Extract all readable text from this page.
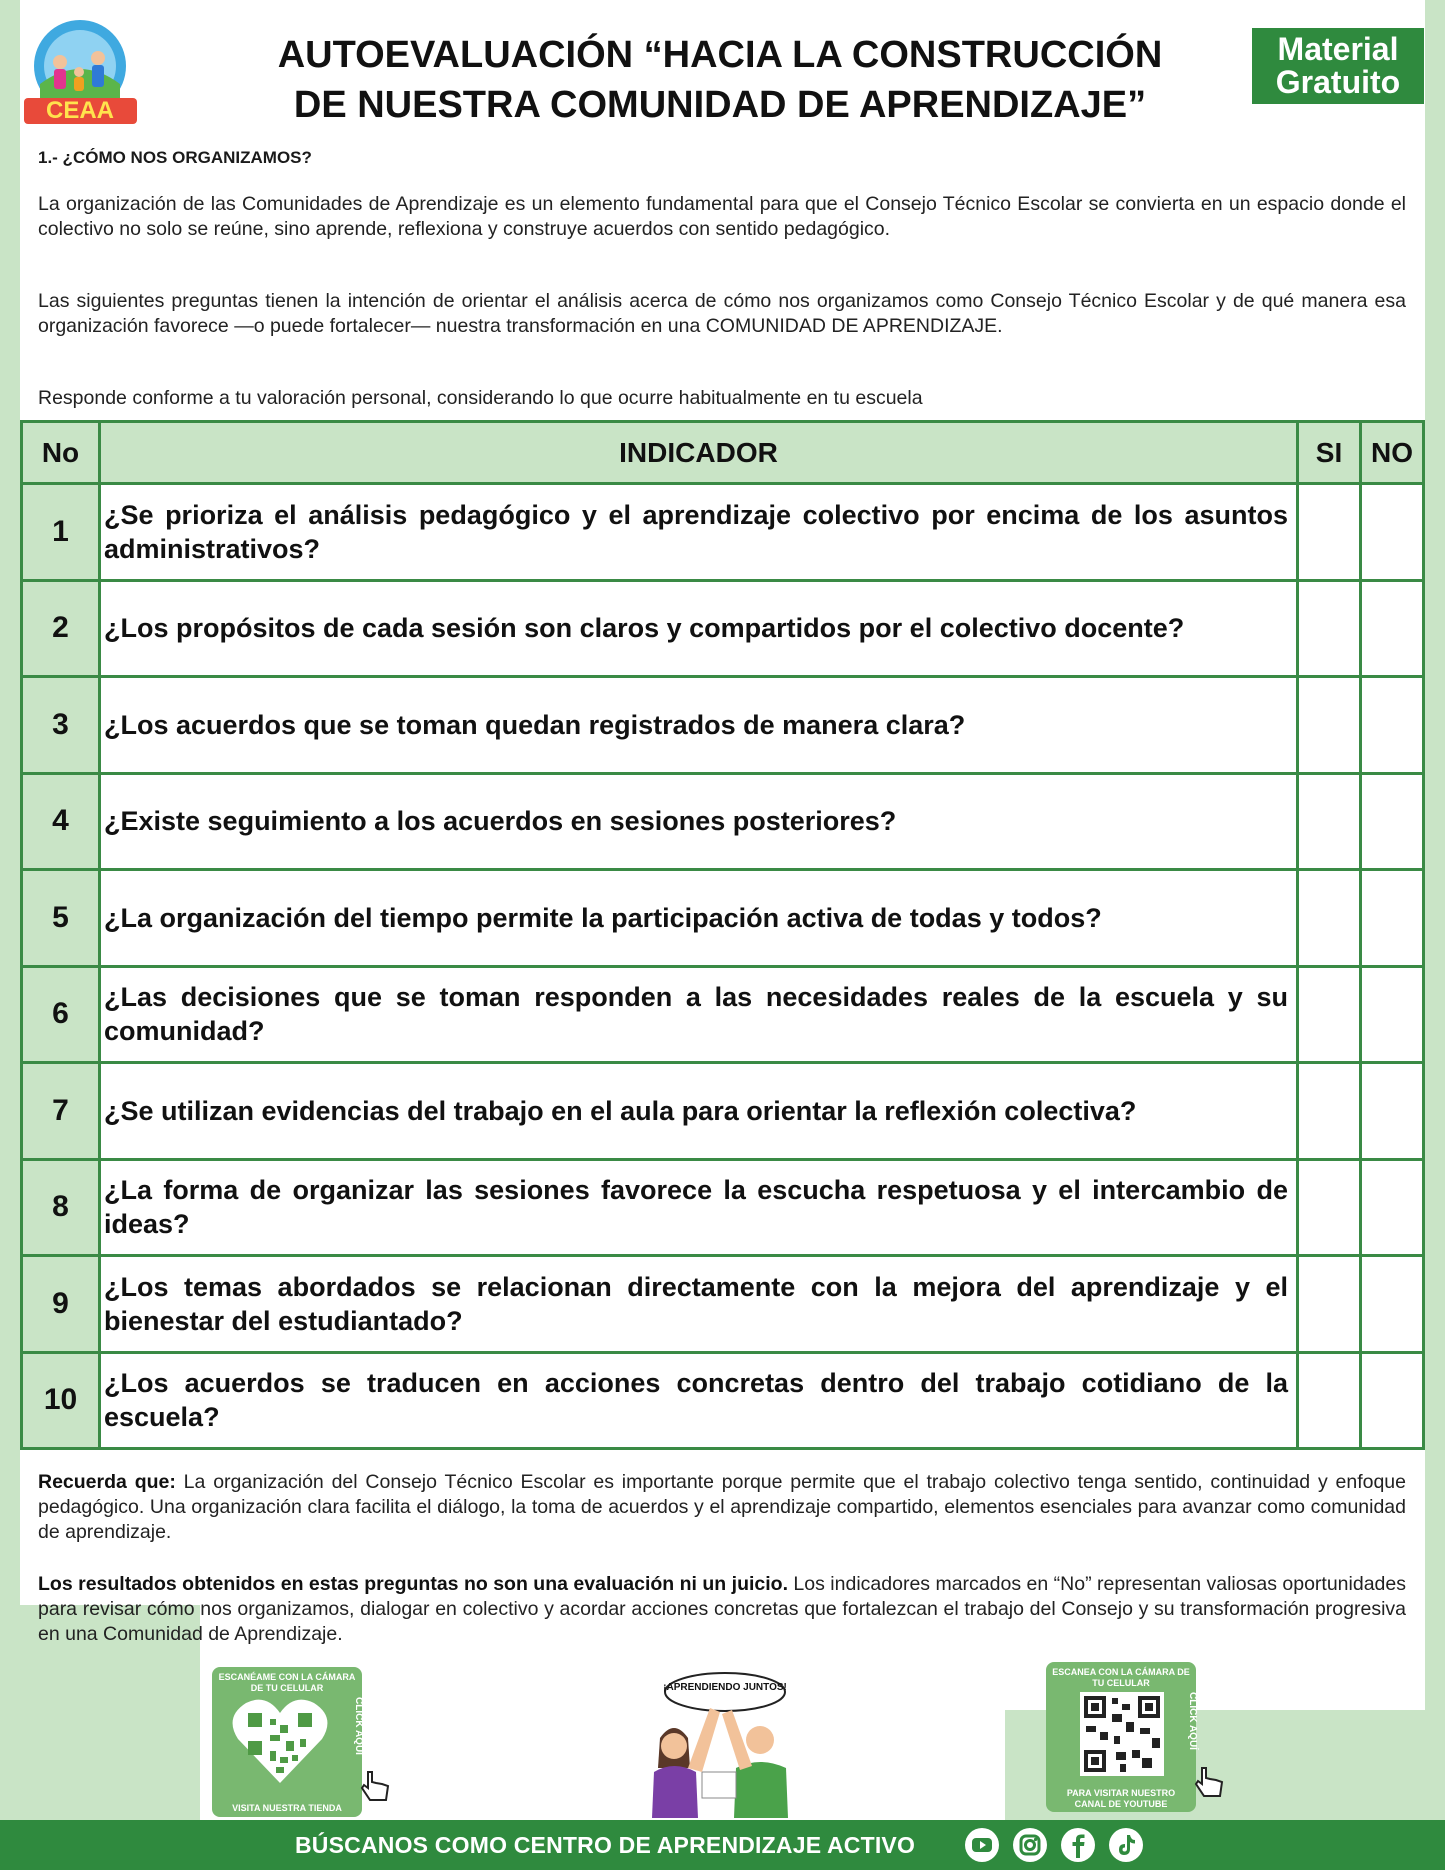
CEAA
AUTOEVALUACIÓN “HACIA LA CONSTRUCCIÓN
DE NUESTRA COMUNIDAD DE APRENDIZAJE”
Material
Gratuito
1.- ¿CÓMO NOS ORGANIZAMOS?

La organización de las Comunidades de Aprendizaje es un elemento fundamental para que el Consejo Técnico Escolar se convierta en un espacio donde el colectivo no solo se reúne, sino aprende, reflexiona y construye acuerdos con sentido pedagógico.

Las siguientes preguntas tienen la intención de orientar el análisis acerca de cómo nos organizamos como Consejo Técnico Escolar y de qué manera esa organización favorece —o puede fortalecer— nuestra transformación en una COMUNIDAD DE APRENDIZAJE.

Responde conforme a tu valoración personal, considerando lo que ocurre habitualmente en tu escuela

No	INDICADOR	SI	NO
1	¿Se prioriza el análisis pedagógico y el aprendizaje colectivo por encima de los asuntos administrativos?		
2	¿Los propósitos de cada sesión son claros y compartidos por el colectivo docente?		
3	¿Los acuerdos que se toman quedan registrados de manera clara?		
4	¿Existe seguimiento a los acuerdos en sesiones posteriores?		
5	¿La organización del tiempo permite la participación activa de todas y todos?		
6	¿Las decisiones que se toman responden a las necesidades reales de la escuela y su comunidad?		
7	¿Se utilizan evidencias del trabajo en el aula para orientar la reflexión colectiva?		
8	¿La forma de organizar las sesiones favorece la escucha respetuosa y el intercambio de ideas?		
9	¿Los temas abordados se relacionan directamente con la mejora del aprendizaje y el bienestar del estudiantado?		
10	¿Los acuerdos se traducen en acciones concretas dentro del trabajo cotidiano de la escuela?		

Recuerda que: La organización del Consejo Técnico Escolar es importante porque permite que el trabajo colectivo tenga sentido, continuidad y enfoque pedagógico. Una organización clara facilita el diálogo, la toma de acuerdos y el aprendizaje compartido, elementos esenciales para avanzar como comunidad de aprendizaje.

Los resultados obtenidos en estas preguntas no son una evaluación ni un juicio. Los indicadores marcados en “No” representan valiosas oportunidades para revisar cómo nos organizamos, dialogar en colectivo y acordar acciones concretas que fortalezcan el trabajo del Consejo y su transformación progresiva en una Comunidad de Aprendizaje.

ESCANÉAME CON LA CÁMARA DE TU CELULAR
VISITA NUESTRA TIENDA
CLICK AQUÍ
¡APRENDIENDO JUNTOS!
ESCANEA CON LA CÁMARA DE TU CELULAR
PARA VISITAR NUESTRO CANAL DE YOUTUBE
CLICK AQUÍ
BÚSCANOS COMO CENTRO DE APRENDIZAJE ACTIVO
